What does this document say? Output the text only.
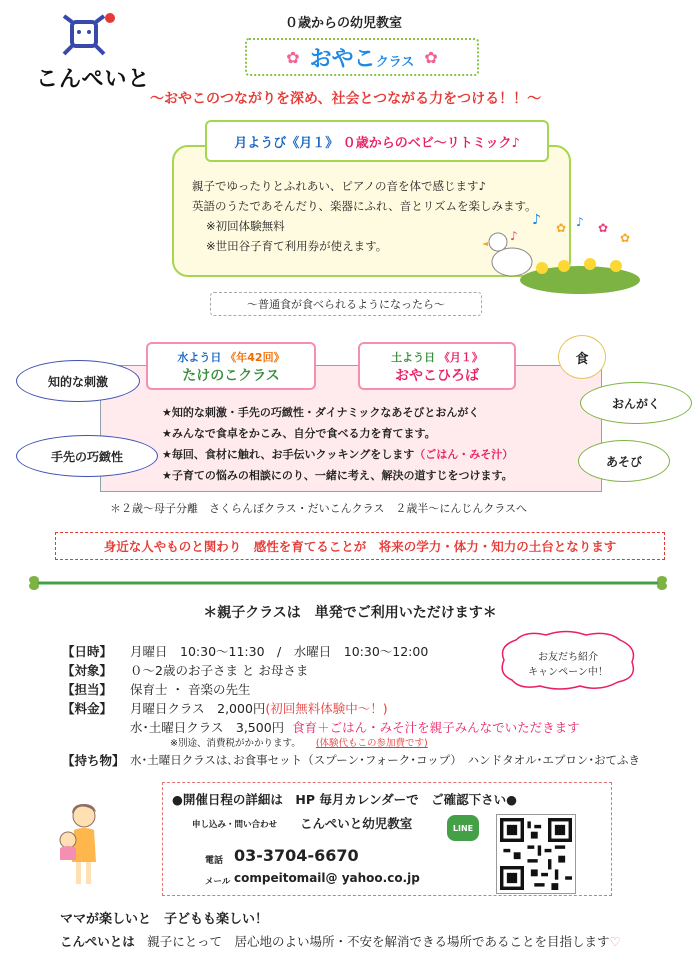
こんぺいと
０歳からの幼児教室
✿ おやこクラス ✿
〜おやこのつながりを深め、社会とつながる力をつける！！〜
月ようび《月１》
０歳からの ベビ〜リトミック♪
親子でゆったりとふれあい、ピアノの音を体で感じます♪
英語のうたであそんだり、楽器にふれ、音とリズムを楽しみます。
※初回体験無料
※世田谷子育て利用券が使えます。
♪
♪
♪ ✿
✿
✿
〜普通食が食べられるようになったら〜
水よう日 《年42回》
たけのこクラス
土よう日 《月１》
おやこひろば
★知的な刺激・手先の巧緻性・ダイナミックなあそびとおんがく
★みんなで食卓をかこみ、自分で食べる力を育てます。
★毎回、食材に触れ、お手伝いクッキングをします（ごはん・みそ汁）
★子育ての悩みの相談にのり、一緒に考え、解決の道すじをつけます。
知的な刺激
手先の巧緻性
食
おんがく
あそび
＊２歳〜母子分離　さくらんぼクラス・だいこんクラス　２歳半〜にんじんクラスへ
身近な人やものと関わり　感性を育てることが　将来の学力・体力・知力の土台となります
＊親子クラスは　単発でご利用いただけます＊
【日時】	月曜日　10:30〜11:30　/　水曜日　10:30〜12:00
【対象】	０〜2歳のお子さま と お母さま
【担当】	保育士 ・ 音楽の先生
【料金】	月曜日クラス　2,000円 (初回無料体験中〜！)
水･土曜日クラス　3,500円
食育＋ごはん・みそ汁を親子みんなでいただきます
※別途、消費税がかかります。
(体験代もこの参加費です)
【持ち物】 水･土曜日クラスは､お食事セット（スプーン･フォーク･コップ）　ハンドタオル･エプロン･おてふき
お友だち紹介
キャンペーン中！
●開催日程の詳細は　HP 毎月カレンダーで　ご確認下さい●
申し込み・問い合わせ こんぺいと幼児教室	LINE
電話 03-3704-6670
メール compeitomail@ yahoo.co.jp
ママが楽しいと　子どもも楽しい！
こんぺいとは　親子にとって　居心地のよい場所・不安を解消できる場所であることを目指します♡
